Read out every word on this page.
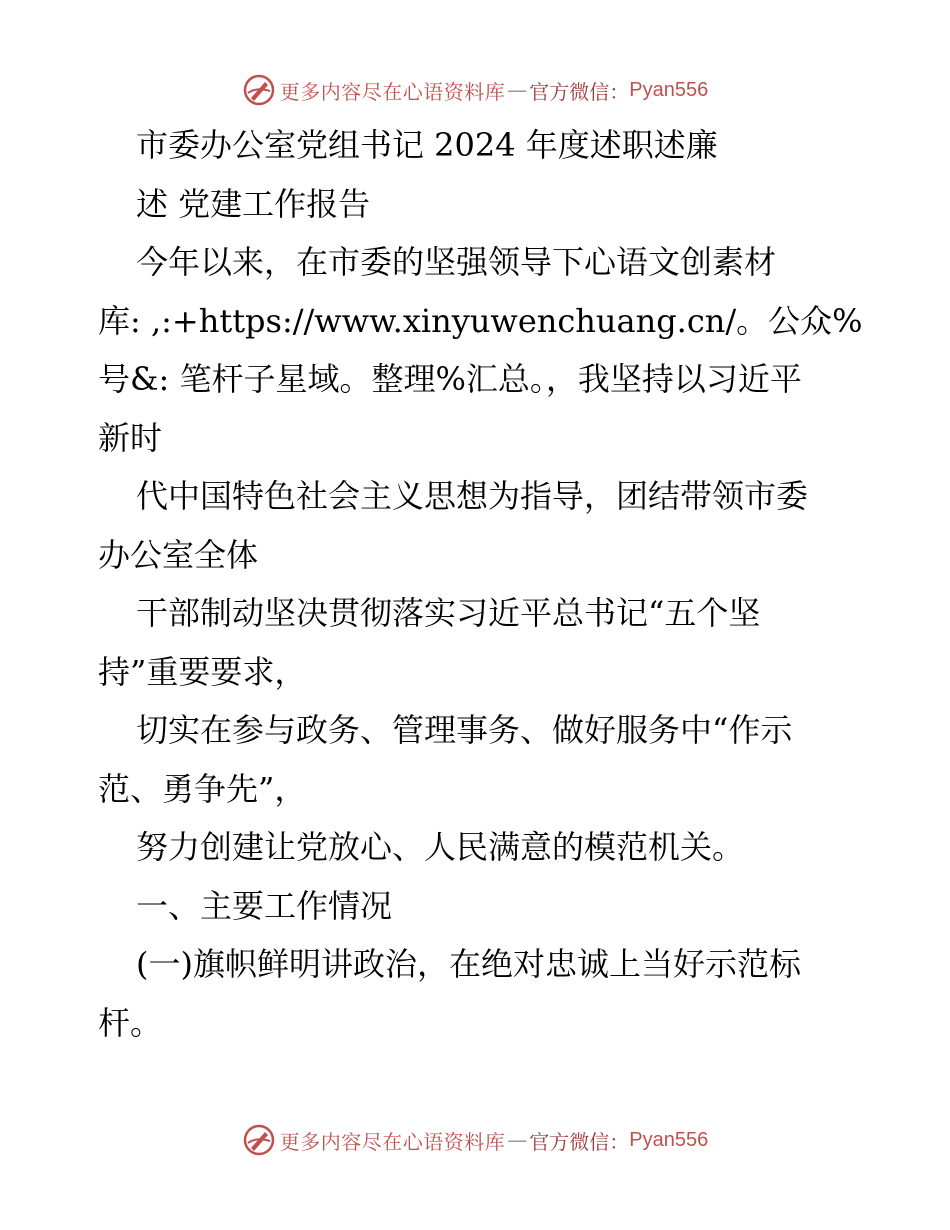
更多内容尽在心语资料库 — 官方微信： Pyan556
市委办公室党组书记 2024 年度述职述廉
述 党建工作报告
今年以来，在市委的坚强领导下心语文创素材
库: ,:+https://www.xinyuwenchuang.cn/。公众%
号&: 笔杆子星域。整理%汇总。，我坚持以习近平
新时
代中国特色社会主义思想为指导，团结带领市委
办公室全体
干部制动坚决贯彻落实习近平总书记“五个坚
持”重要要求，
切实在参与政务、管理事务、做好服务中“作示
范、勇争先”，
努力创建让党放心、人民满意的模范机关。
一、主要工作情况
(一)旗帜鲜明讲政治，在绝对忠诚上当好示范标
杆。
更多内容尽在心语资料库 — 官方微信： Pyan556
